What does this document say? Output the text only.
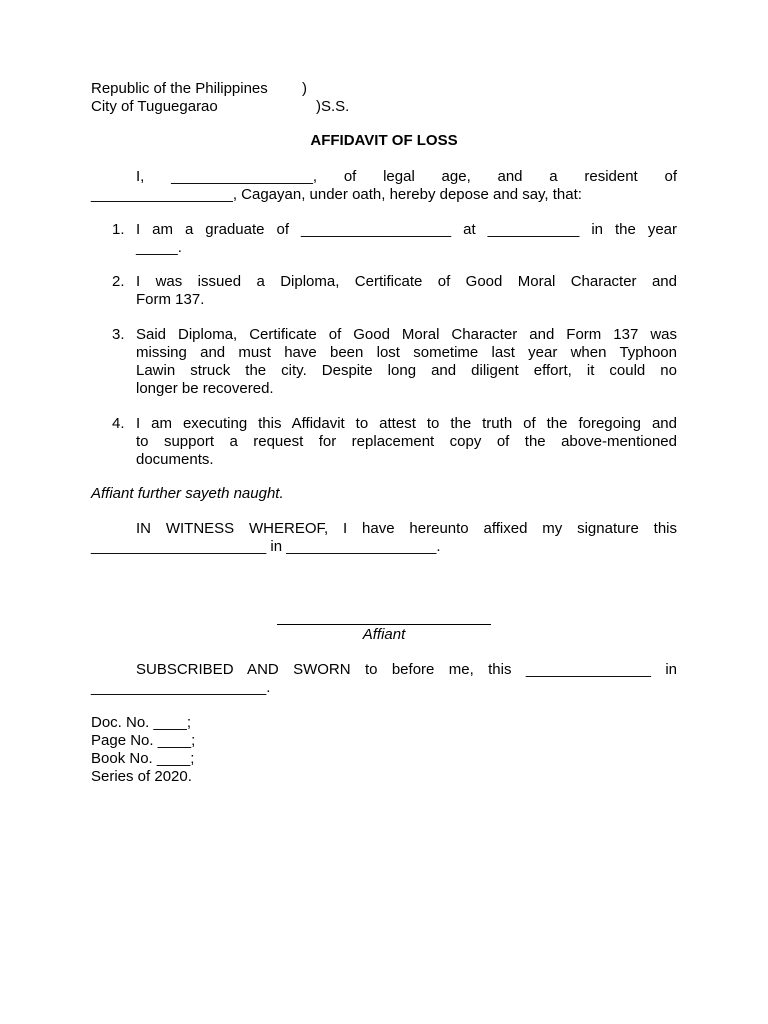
Republic of the Philippines )
City of Tuguegarao	)S.S.
AFFIDAVIT OF LOSS
I, _________________, of legal age, and a resident of
_________________, Cagayan, under oath, hereby depose and say, that:
1. I am a graduate of __________________ at ___________ in the year
_____.
2. I was issued a Diploma, Certificate of Good Moral Character and
Form 137.
3. Said Diploma, Certificate of Good Moral Character and Form 137 was
missing and must have been lost sometime last year when Typhoon
Lawin struck the city. Despite long and diligent effort, it could no
longer be recovered.
4. I am executing this Affidavit to attest to the truth of the foregoing and
to support a request for replacement copy of the above-mentioned
documents.
Affiant further sayeth naught.
IN WITNESS WHEREOF, I have hereunto affixed my signature this
_____________________ in __________________.
Affiant
SUBSCRIBED AND SWORN to before me, this _______________ in
_____________________.
Doc. No. ____;
Page No. ____;
Book No. ____;
Series of 2020.
